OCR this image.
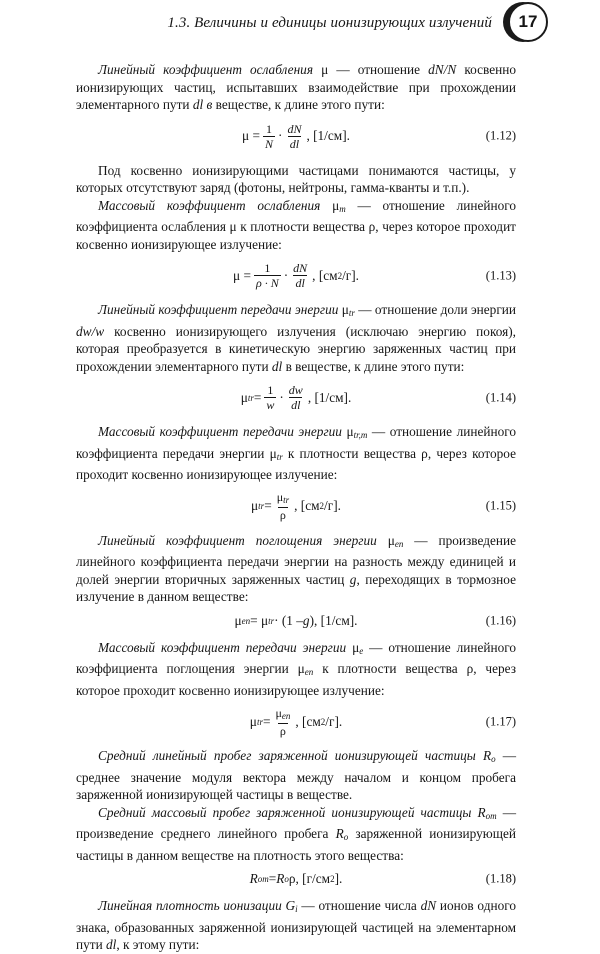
1.3. Величины и единицы ионизирующих излучений	17

Линейный коэффициент ослабления μ — отношение dN/N косвенно ионизирующих частиц, испытавших взаимодействие при прохождении элементарного пути dl в веществе, к длине этого пути:

$\mu = \frac{1}{N} \cdot \frac{dN}{dl}$ , [1/см].	(1.12)

Под косвенно ионизирующими частицами понимаются частицы, у которых отсутствуют заряд (фотоны, нейтроны, гамма-кванты и т.п.).

Массовый коэффициент ослабления $\mu_m$ — отношение линейного коэффициента ослабления μ к плотности вещества ρ, через которое проходит косвенно ионизирующее излучение:

$\mu = \frac{1}{\rho \cdot N} \cdot \frac{dN}{dl}$ , [см 2 /г].	(1.13)

Линейный коэффициент передачи энергии $\mu_{tr}$ — отношение доли энергии dw/w косвенно ионизирующего излучения (исключаю энергию покоя), которая преобразуется в кинетическую энергию заряженных частиц при прохождении элементарного пути dl в веществе, к длине этого пути:

μ tr = $\frac{1}{w} \cdot \frac{dw}{dl}$ , [1/см].	(1.14)

Массовый коэффициент передачи энергии $\mu_{tr,m}$ — отношение линейного коэффициента передачи энергии $\mu_{tr}$ к плотности вещества ρ, через которое проходит косвенно ионизирующее излучение:

μ tr = $\frac{\mu_{tr}}{\rho}$ , [см 2 /г].	(1.15)

Линейный коэффициент поглощения энергии $\mu_{en}$ — произведение линейного коэффициента передачи энергии на разность между единицей и долей энергии вторичных заряженных частиц g, переходящих в тормозное излучение в данном веществе:

μ en = μ tr · (1 – g ), [1/см].	(1.16)

Массовый коэффициент передачи энергии $\mu_e$ — отношение линейного коэффициента поглощения энергии $\mu_{en}$ к плотности вещества ρ, через которое проходит косвенно ионизирующее излучение:

μ tr = $\frac{\mu_{en}}{\rho}$ , [см 2 /г].	(1.17)

Средний линейный пробег заряженной ионизирующей частицы $R_o$ — среднее значение модуля вектора между началом и концом пробега заряженной ионизирующей частицы в веществе.

Средний массовый пробег заряженной ионизирующей частицы $R_{om}$ — произведение среднего линейного пробега $R_o$ заряженной ионизирующей частицы в данном веществе на плотность этого вещества:

R om = R o ρ , [г/см 2 ].	(1.18)

Линейная плотность ионизации $G_i$ — отношение числа dN ионов одного знака, образованных заряженной ионизирующей частицей на элементарном пути dl, к этому пути:
